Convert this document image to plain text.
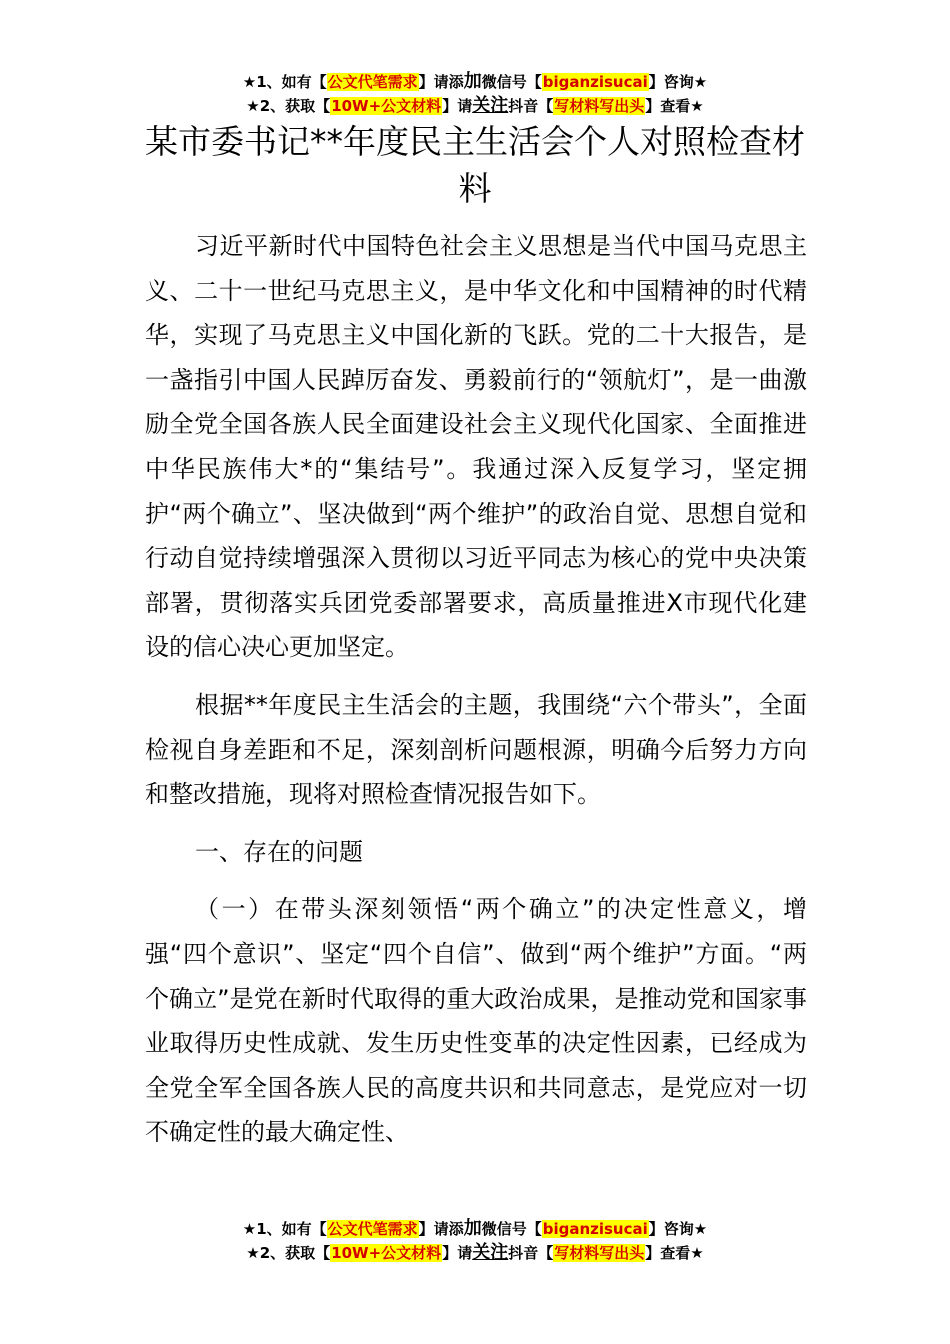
★1、如有【公文代笔需求】请添加微信号【biganzisucai】咨询★
★2、获取【10W+公文材料】请关注抖音【写材料写出头】查看★
某市委书记**年度民主生活会个人对照检查材料

习近平新时代中国特色社会主义思想是当代中国马克思主义、二十一世纪马克思主义，是中华文化和中国精神的时代精华，实现了马克思主义中国化新的飞跃。党的二十大报告，是一盏指引中国人民踔厉奋发、勇毅前行的“领航灯”，是一曲激励全党全国各族人民全面建设社会主义现代化国家、全面推进中华民族伟大*的“集结号”。我通过深入反复学习，坚定拥护“两个确立”、坚决做到“两个维护”的政治自觉、思想自觉和行动自觉持续增强深入贯彻以习近平同志为核心的党中央决策部署，贯彻落实兵团党委部署要求，高质量推进X市现代化建设的信心决心更加坚定。

根据**年度民主生活会的主题，我围绕“六个带头”，全面检视自身差距和不足，深刻剖析问题根源，明确今后努力方向和整改措施，现将对照检查情况报告如下。

一、存在的问题

（一）在带头深刻领悟“两个确立”的决定性意义，增强“四个意识”、坚定“四个自信”、做到“两个维护”方面。“两个确立”是党在新时代取得的重大政治成果，是推动党和国家事业取得历史性成就、发生历史性变革的决定性因素，已经成为全党全军全国各族人民的高度共识和共同意志，是党应对一切不确定性的最大确定性、

★1、如有【公文代笔需求】请添加微信号【biganzisucai】咨询★
★2、获取【10W+公文材料】请关注抖音【写材料写出头】查看★
